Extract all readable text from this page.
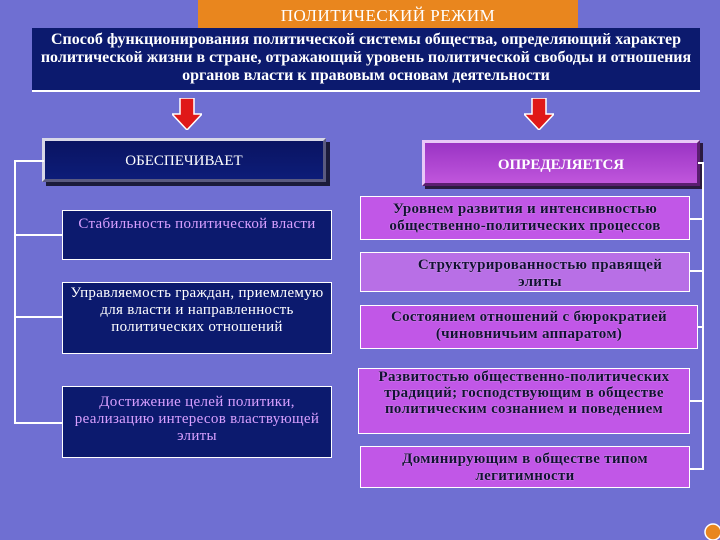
ПОЛИТИЧЕСКИЙ РЕЖИМ
Способ функционирования политической системы общества, определяющий характер политической жизни в стране, отражающий уровень политической свободы и отношения органов власти к правовым основам деятельности
ОБЕСПЕЧИВАЕТ	ОПРЕДЕЛЯЕТСЯ
Стабильность политической власти
Управляемость граждан, приемлемую для власти и направленность политических отношений
Достижение целей политики, реализацию интересов властвующей элиты
Уровнем развития и интенсивностью общественно-политических процессов
Структурированностью правящей элиты
Состоянием отношений с бюрократией (чиновничьим аппаратом)
Развитостью общественно-политических традиций; господствующим в обществе политическим сознанием и поведением
Доминирующим в обществе типом легитимности
